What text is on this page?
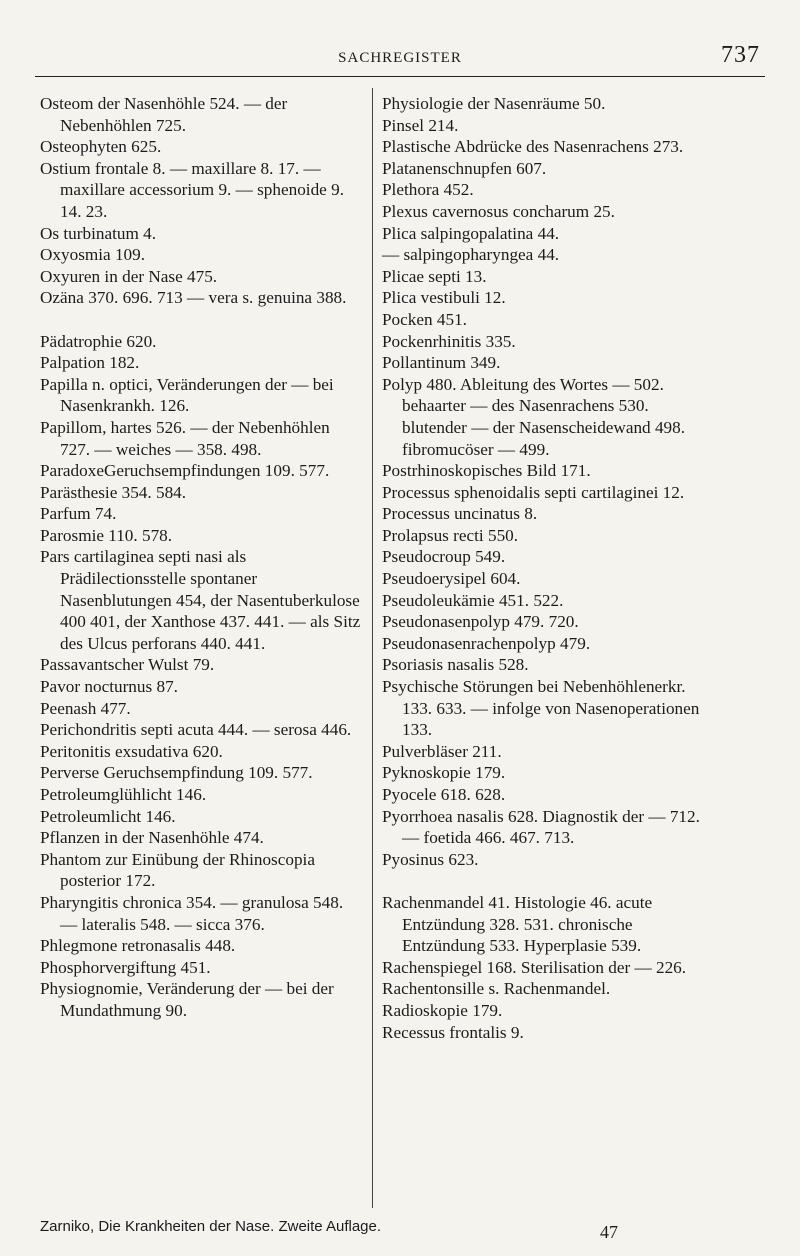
SACHREGISTER	737

Osteom der Nasenhöhle 524. — der Nebenhöhlen 725.

Osteophyten 625.

Ostium frontale 8. — maxillare 8. 17. — maxillare accessorium 9. — sphenoide 9. 14. 23.

Os turbinatum 4.

Oxyosmia 109.

Oxyuren in der Nase 475.

Ozäna 370. 696. 713 — vera s. genuina 388.

Pädatrophie 620.

Palpation 182.

Papilla n. optici, Veränderungen der — bei Nasenkrankh. 126.

Papillom, hartes 526. — der Nebenhöhlen 727. — weiches — 358. 498.

ParadoxeGeruchsempfindungen 109. 577.

Parästhesie 354. 584.

Parfum 74.

Parosmie 110. 578.

Pars cartilaginea septi nasi als Prädilectionsstelle spontaner Nasenblutungen 454, der Nasentuberkulose 400 401, der Xanthose 437. 441. — als Sitz des Ulcus perforans 440. 441.

Passavantscher Wulst 79.

Pavor nocturnus 87.

Peenash 477.

Perichondritis septi acuta 444. — serosa 446.

Peritonitis exsudativa 620.

Perverse Geruchsempfindung 109. 577.

Petroleumglühlicht 146.

Petroleumlicht 146.

Pflanzen in der Nasenhöhle 474.

Phantom zur Einübung der Rhinoscopia posterior 172.

Pharyngitis chronica 354. — granulosa 548. — lateralis 548. — sicca 376.

Phlegmone retronasalis 448.

Phosphorvergiftung 451.

Physiognomie, Veränderung der — bei der Mundathmung 90.

Physiologie der Nasenräume 50.

Pinsel 214.

Plastische Abdrücke des Nasenrachens 273.

Platanenschnupfen 607.

Plethora 452.

Plexus cavernosus concharum 25.

Plica salpingopalatina 44.

— salpingopharyngea 44.

Plicae septi 13.

Plica vestibuli 12.

Pocken 451.

Pockenrhinitis 335.

Pollantinum 349.

Polyp 480. Ableitung des Wortes — 502. behaarter — des Nasenrachens 530. blutender — der Nasenscheidewand 498. fibromucöser — 499.

Postrhinoskopisches Bild 171.

Processus sphenoidalis septi cartilaginei 12.

Processus uncinatus 8.

Prolapsus recti 550.

Pseudocroup 549.

Pseudoerysipel 604.

Pseudoleukämie 451. 522.

Pseudonasenpolyp 479. 720.

Pseudonasenrachenpolyp 479.

Psoriasis nasalis 528.

Psychische Störungen bei Nebenhöhlenerkr. 133. 633. — infolge von Nasenoperationen 133.

Pulverbläser 211.

Pyknoskopie 179.

Pyocele 618. 628.

Pyorrhoea nasalis 628. Diagnostik der — 712. — foetida 466. 467. 713.

Pyosinus 623.

Rachenmandel 41. Histologie 46. acute Entzündung 328. 531. chronische Entzündung 533. Hyperplasie 539.

Rachenspiegel 168. Sterilisation der — 226.

Rachentonsille s. Rachenmandel.

Radioskopie 179.

Recessus frontalis 9.

Zarniko, Die Krankheiten der Nase. Zweite Auflage.	47
